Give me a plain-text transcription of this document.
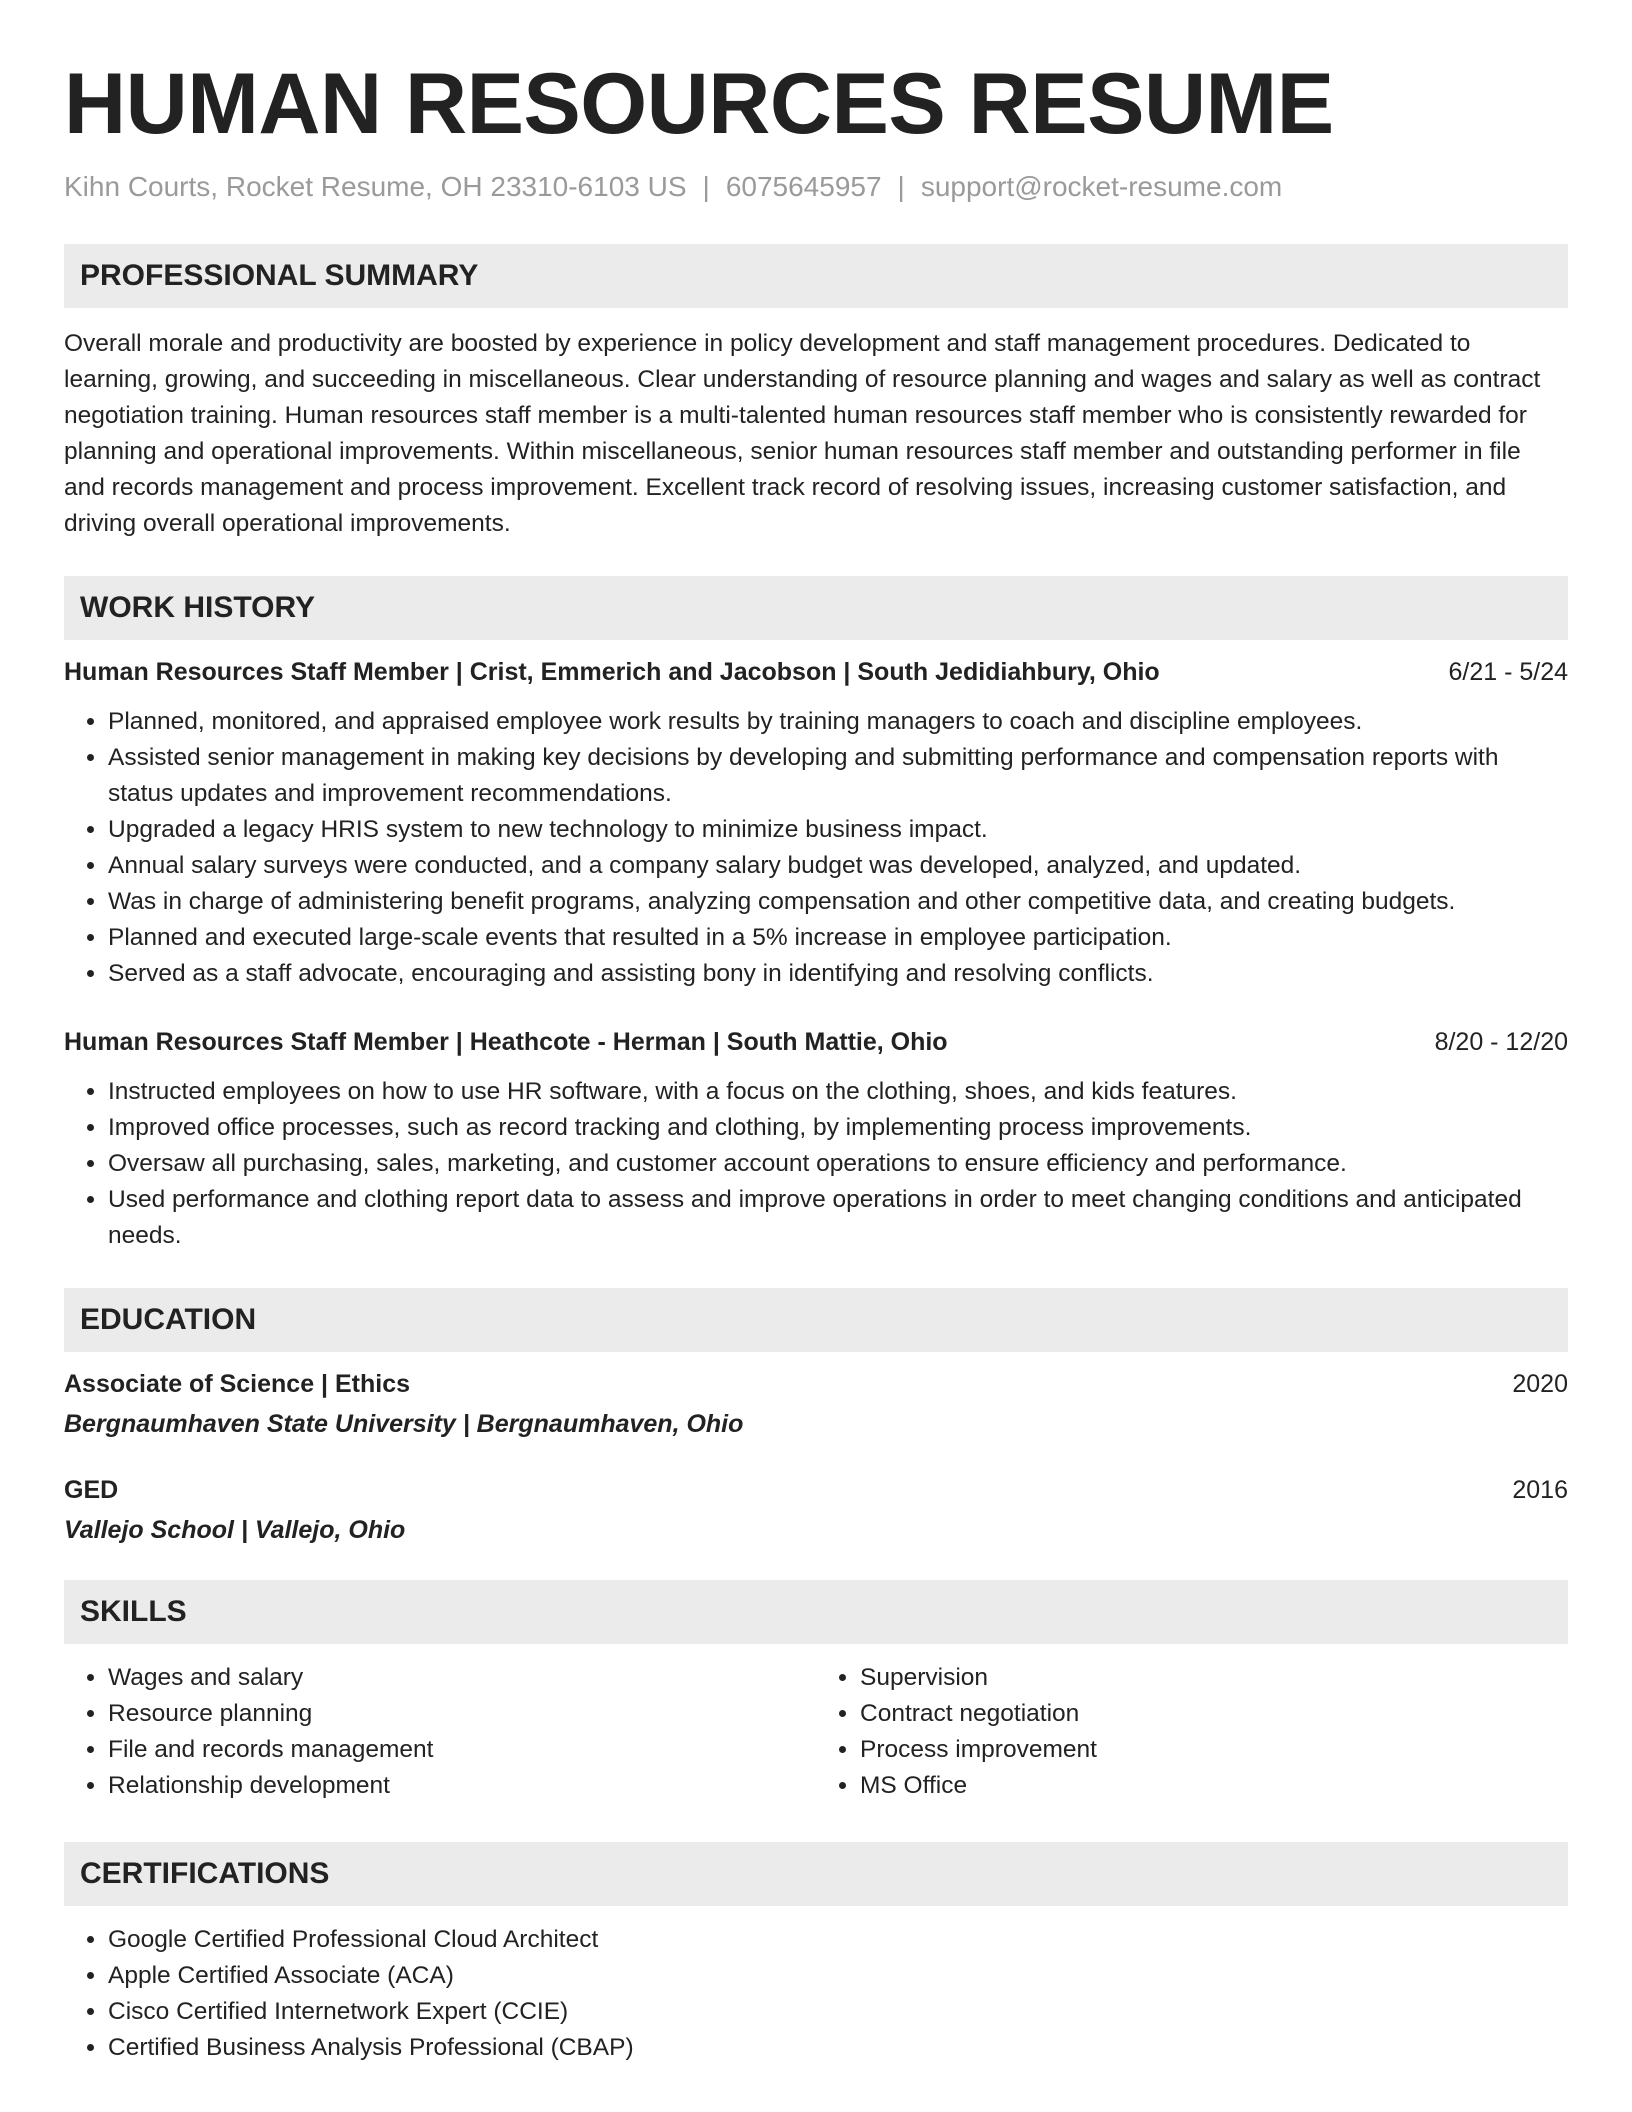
HUMAN RESOURCES RESUME
Kihn Courts, Rocket Resume, OH 23310-6103 US | 6075645957 | support@rocket-resume.com
PROFESSIONAL SUMMARY

Overall morale and productivity are boosted by experience in policy development and staff management procedures. Dedicated to learning, growing, and succeeding in miscellaneous. Clear understanding of resource planning and wages and salary as well as contract negotiation training. Human resources staff member is a multi-talented human resources staff member who is consistently rewarded for planning and operational improvements. Within miscellaneous, senior human resources staff member and outstanding performer in file and records management and process improvement. Excellent track record of resolving issues, increasing customer satisfaction, and driving overall operational improvements.

WORK HISTORY
Human Resources Staff Member | Crist, Emmerich and Jacobson | South Jedidiahbury, Ohio	6/21 - 5/24
• Planned, monitored, and appraised employee work results by training managers to coach and discipline employees.
• Assisted senior management in making key decisions by developing and submitting performance and compensation reports with status updates and improvement recommendations.
• Upgraded a legacy HRIS system to new technology to minimize business impact.
• Annual salary surveys were conducted, and a company salary budget was developed, analyzed, and updated.
• Was in charge of administering benefit programs, analyzing compensation and other competitive data, and creating budgets.
• Planned and executed large-scale events that resulted in a 5% increase in employee participation.
• Served as a staff advocate, encouraging and assisting bony in identifying and resolving conflicts.
Human Resources Staff Member | Heathcote - Herman | South Mattie, Ohio	8/20 - 12/20
• Instructed employees on how to use HR software, with a focus on the clothing, shoes, and kids features.
• Improved office processes, such as record tracking and clothing, by implementing process improvements.
• Oversaw all purchasing, sales, marketing, and customer account operations to ensure efficiency and performance.
• Used performance and clothing report data to assess and improve operations in order to meet changing conditions and anticipated needs.
EDUCATION
Associate of Science | Ethics	2020
Bergnaumhaven State University | Bergnaumhaven, Ohio
GED	2016
Vallejo School | Vallejo, Ohio
SKILLS
• Wages and salary
• Resource planning
• File and records management
• Relationship development
• Supervision
• Contract negotiation
• Process improvement
• MS Office
CERTIFICATIONS
• Google Certified Professional Cloud Architect
• Apple Certified Associate (ACA)
• Cisco Certified Internetwork Expert (CCIE)
• Certified Business Analysis Professional (CBAP)
